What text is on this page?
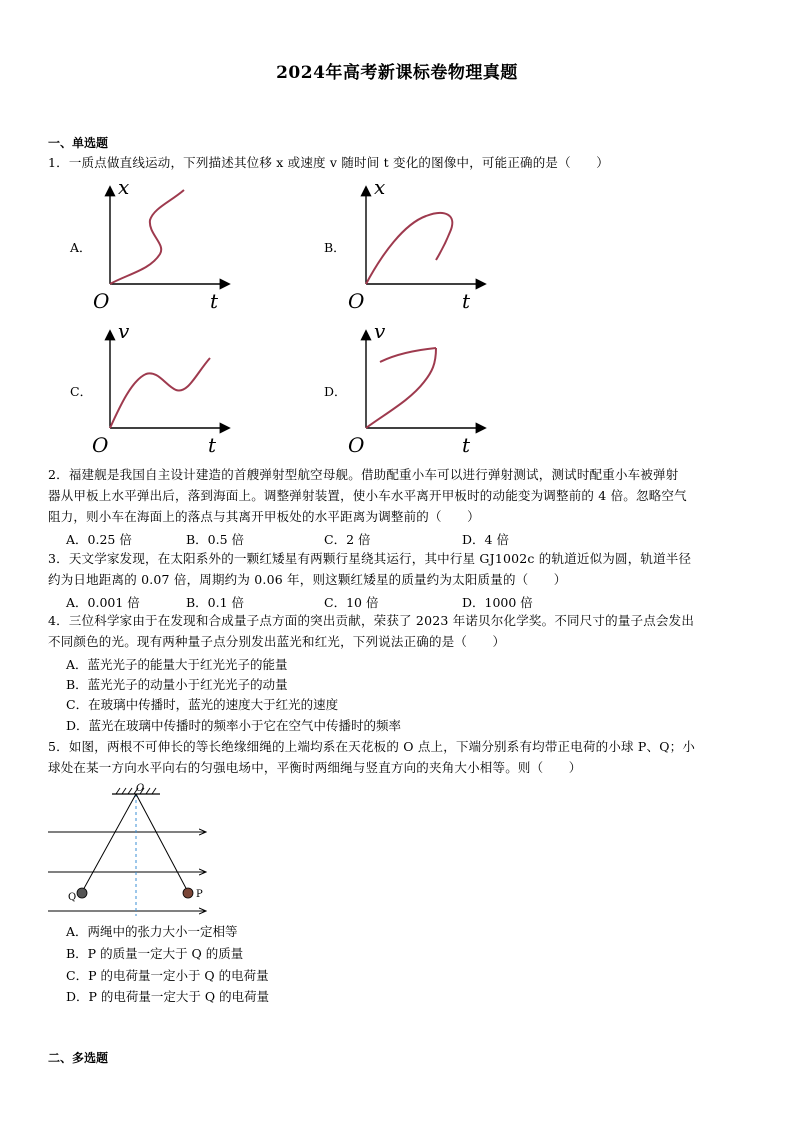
2024年高考新课标卷物理真题
一、单选题
1．一质点做直线运动，下列描述其位移 x 或速度 v 随时间 t 变化的图像中，可能正确的是（　　）
A．
x
t
O
B．
x
t
O
C．
v
t
O
D．
v
t
O
2．福建舰是我国自主设计建造的首艘弹射型航空母舰。借助配重小车可以进行弹射测试，测试时配重小车被弹射
器从甲板上水平弹出后，落到海面上。调整弹射装置，使小车水平离开甲板时的动能变为调整前的 4 倍。忽略空气
阻力，则小车在海面上的落点与其离开甲板处的水平距离为调整前的（　　）
A．0.25 倍	B．0.5 倍	C．2 倍	D．4 倍
3．天文学家发现，在太阳系外的一颗红矮星有两颗行星绕其运行，其中行星 GJ1002c 的轨道近似为圆，轨道半径
约为日地距离的 0.07 倍，周期约为 0.06 年，则这颗红矮星的质量约为太阳质量的（　　）
A．0.001 倍	B．0.1 倍	C．10 倍	D．1000 倍
4．三位科学家由于在发现和合成量子点方面的突出贡献，荣获了 2023 年诺贝尔化学奖。不同尺寸的量子点会发出
不同颜色的光。现有两种量子点分别发出蓝光和红光，下列说法正确的是（　　）
A．蓝光光子的能量大于红光光子的能量
B．蓝光光子的动量小于红光光子的动量
C．在玻璃中传播时，蓝光的速度大于红光的速度
D．蓝光在玻璃中传播时的频率小于它在空气中传播时的频率
5．如图，两根不可伸长的等长绝缘细绳的上端均系在天花板的 O 点上，下端分别系有均带正电荷的小球 P、Q；小
球处在某一方向水平向右的匀强电场中，平衡时两细绳与竖直方向的夹角大小相等。则（　　）
O
Q	P
A．两绳中的张力大小一定相等
B．P 的质量一定大于 Q 的质量
C．P 的电荷量一定小于 Q 的电荷量
D．P 的电荷量一定大于 Q 的电荷量
二、多选题
